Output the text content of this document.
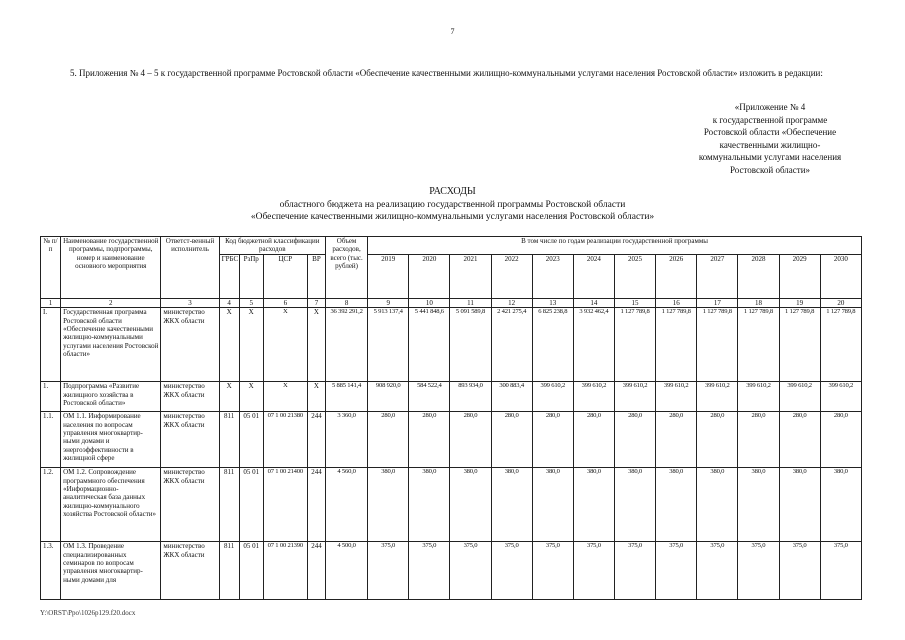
7
5. Приложения № 4 – 5 к государственной программе Ростовской области «Обеспечение качественными жилищно-коммунальными услугами населения Ростовской области» изложить в редакции:
«Приложение № 4
к государственной программе
Ростовской области «Обеспечение
качественными жилищно-
коммунальными услугами населения
Ростовской области»
РАСХОДЫ
областного бюджета на реализацию государственной программы Ростовской области
«Обеспечение качественными жилищно-коммунальными услугами населения Ростовской области»
№ п/п	Наименование государственной программы, подпрограммы, номер и наименование основного мероприятия	Ответст-венный исполнитель	Код бюджетной классификации расходов				Объем расходов, всего (тыс. рублей)	В том числе по годам реализации государственной программы											
			ГРБС	РзПр	ЦСР	ВР		2019	2020	2021	2022	2023	2024	2025	2026	2027	2028	2029	2030
1	2	3	4	5	6	7	8	9	10	11	12	13	14	15	16	17	18	19	20
I.	Государственная программа Ростовской области «Обеспечение качественными жилищно-коммунальными услугами населения Ростовской области»	министерство ЖКХ области	X	X	X	X	36 392 291,2	5 913 137,4	5 441 848,6	5 091 589,8	2 421 275,4	6 825 238,8	3 932 462,4	1 127 789,8	1 127 789,8	1 127 789,8	1 127 789,8	1 127 789,8	1 127 789,8
1.	Подпрограмма «Развитие жилищного хозяйства в Ростовской области»	министерство ЖКХ области	X	X	X	X	5 885 141,4	908 920,0	584 522,4	893 934,0	300 883,4	399 610,2	399 610,2	399 610,2	399 610,2	399 610,2	399 610,2	399 610,2	399 610,2
1.1.	ОМ 1.1. Информирование населения по вопросам управления многоквартир-ными домами и энергоэффективности в жилищной сфере	министерство ЖКХ области	811	05 01	07 1 00 21380	244	3 360,0	280,0	280,0	280,0	280,0	280,0	280,0	280,0	280,0	280,0	280,0	280,0	280,0
1.2.	ОМ 1.2. Сопровождение программного обеспечения «Информационно-аналитическая база данных жилищно-коммунального хозяйства Ростовской области»	министерство ЖКХ области	811	05 01	07 1 00 21400	244	4 560,0	380,0	380,0	380,0	380,0	380,0	380,0	380,0	380,0	380,0	380,0	380,0	380,0
1.3.	ОМ 1.3. Проведение специализированных семинаров по вопросам управления многоквартир-ными домами для	министерство ЖКХ области	811	05 01	07 1 00 21390	244	4 500,0	375,0	375,0	375,0	375,0	375,0	375,0	375,0	375,0	375,0	375,0	375,0	375,0
Y:\ORST\Ppo\1026p129.f20.docx
